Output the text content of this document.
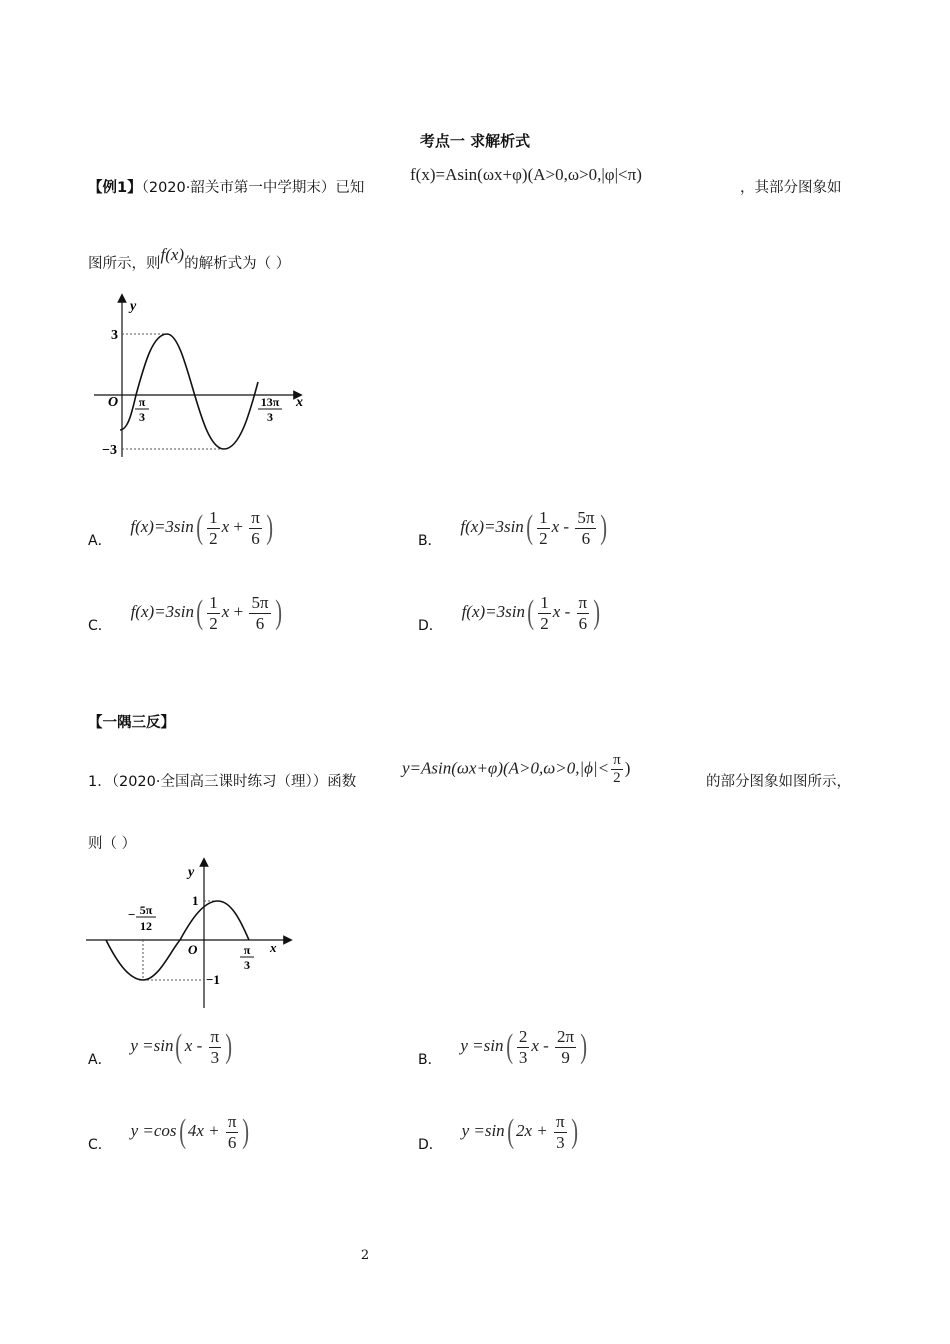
考点一 求解析式
【例1】（2020·韶关市第一中学期末）已知
f(x)=Asin(ωx+φ)(A>0,ω>0,|φ|<π)
，其部分图象如
图所示，则f(x)的解析式为（ ）
y
x
O
3
−3
π
3
13π
3
A． $f(x)=3\sin( \frac{1}{2}$ $x + \frac{\pi}{6}$ )	B． $f(x)=3\sin( \frac{1}{2}$ x - $\frac{5\pi}{6}$ )
C． $f(x)=3\sin( \frac{1}{2}$ $x + \frac{5\pi}{6}$ )	D． $f(x)=3\sin( \frac{1}{2}$ x - $\frac{\pi}{6}$ )
【一隅三反】
1．（2020·全国高三课时练习（理））函数
$y=Asin(\omega x+\varphi)(A>0,\omega>0,|\phi|< \frac{\pi}{2}$ )
的部分图象如图所示，
则（ ）
y
x
O
1
−1
− 5π
12
π
3
A． y =sin( x - $\frac{\pi}{3}$ )	B． $y =\sin( \frac{2}{3}$ x - $\frac{2\pi}{9}$ )
C． y =cos( $4x + \frac{\pi}{6}$ )	D． y =sin( $2x + \frac{\pi}{3}$ )
2
